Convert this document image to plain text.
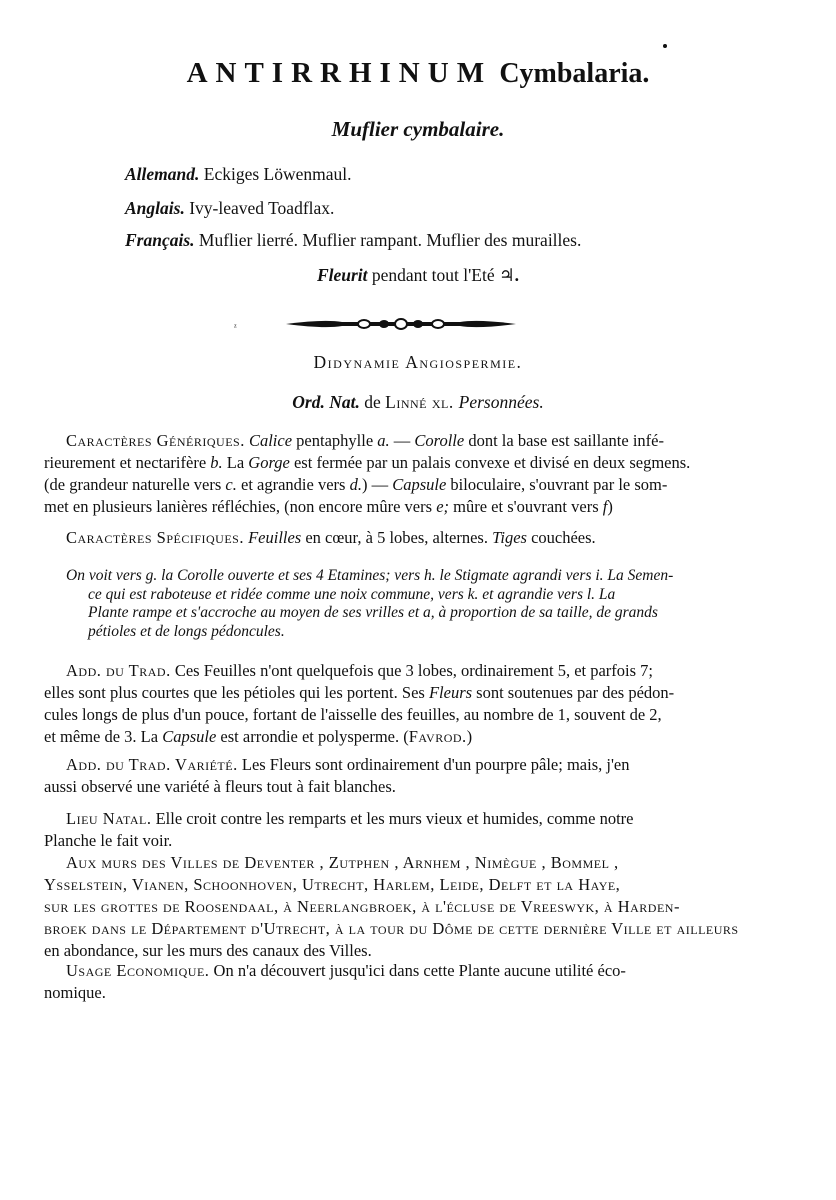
ANTIRRHINUM Cymbalaria.
Muflier cymbalaire.
Allemand. Eckiges Löwenmaul.
Anglais. Ivy-leaved Toadflax.
Français. Muflier lierré. Muflier rampant. Muflier des murailles.
Fleurit pendant tout l'Eté ♃.
ᶻ
Didynamie Angiospermie.
Ord. Nat. de Linné xl. Personnées.
Caractères Génériques. Calice pentaphylle a. — Corolle dont la base est saillante infé-
rieurement et nectarifère b. La Gorge est fermée par un palais convexe et divisé en deux segmens.
(de grandeur naturelle vers c. et agrandie vers d.) — Capsule biloculaire, s'ouvrant par le som-
met en plusieurs lanières réfléchies, (non encore mûre vers e; mûre et s'ouvrant vers f)
Caractères Spécifiques. Feuilles en cœur, à 5 lobes, alternes. Tiges couchées.
On voit vers g. la Corolle ouverte et ses 4 Etamines; vers h. le Stigmate agrandi vers i. La Semen-
ce qui est raboteuse et ridée comme une noix commune, vers k. et agrandie vers l. La
Plante rampe et s'accroche au moyen de ses vrilles et a, à proportion de sa taille, de grands
pétioles et de longs pédoncules.
Add. du Trad. Ces Feuilles n'ont quelquefois que 3 lobes, ordinairement 5, et parfois 7;
elles sont plus courtes que les pétioles qui les portent. Ses Fleurs sont soutenues par des pédon-
cules longs de plus d'un pouce, fortant de l'aisselle des feuilles, au nombre de 1, souvent de 2,
et même de 3. La Capsule est arrondie et polysperme. (Favrod.)
Add. du Trad. Variété. Les Fleurs sont ordinairement d'un pourpre pâle; mais, j'en
aussi observé une variété à fleurs tout à fait blanches.
Lieu Natal. Elle croit contre les remparts et les murs vieux et humides, comme notre
Planche le fait voir.
Aux murs des Villes de Deventer , Zutphen , Arnhem , Nimègue , Bommel ,
Ysselstein, Vianen, Schoonhoven, Utrecht, Harlem, Leide, Delft et la Haye,
sur les grottes de Roosendaal, à Neerlangbroek, à l'écluse de Vreeswyk, à Harden-
broek dans le Département d'Utrecht, à la tour du Dôme de cette dernière Ville et ailleurs
en abondance, sur les murs des canaux des Villes.
Usage Economique. On n'a découvert jusqu'ici dans cette Plante aucune utilité éco-
nomique.
